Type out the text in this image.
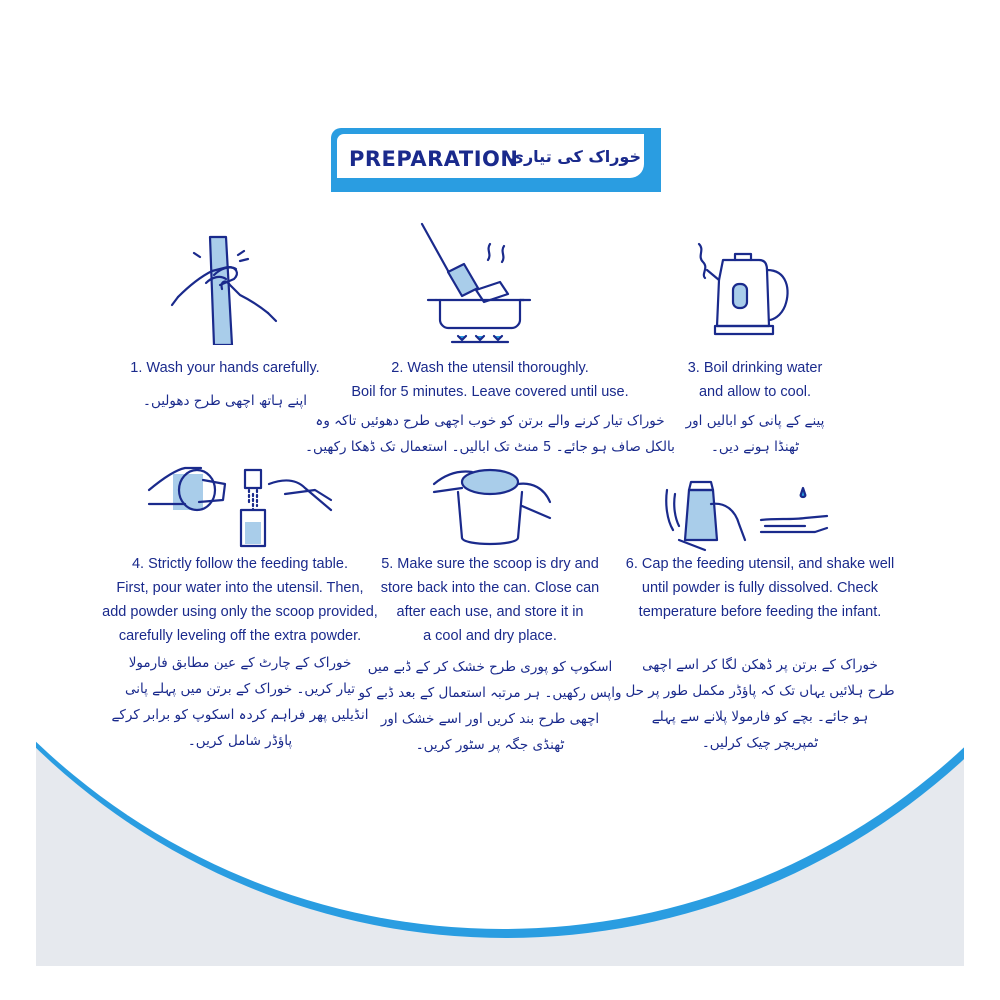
PREPARATION
خوراک کی تیاری
1. Wash your hands carefully.
اپنے ہاتھ اچھی طرح دھولیں۔
2. Wash the utensil thoroughly.
Boil for 5 minutes. Leave covered until use.
خوراک تیار کرنے والے برتن کو خوب اچھی طرح دھوئیں تاکہ وہ
بالکل صاف ہو جائے۔ 5 منٹ تک ابالیں۔ استعمال تک ڈھکا رکھیں۔
3. Boil drinking water
and allow to cool.
پینے کے پانی کو ابالیں اور
ٹھنڈا ہونے دیں۔
4. Strictly follow the feeding table.
First, pour water into the utensil. Then,
add powder using only the scoop provided,
carefully leveling off the extra powder.
خوراک کے چارٹ کے عین مطابق فارمولا
تیار کریں۔ خوراک کے برتن میں پہلے پانی
انڈیلیں پھر فراہم کردہ اسکوپ کو برابر کرکے
پاؤڈر شامل کریں۔
5. Make sure the scoop is dry and
store back into the can. Close can
after each use, and store it in
a cool and dry place.
اسکوپ کو پوری طرح خشک کر کے ڈبے میں
واپس رکھیں۔ ہر مرتبہ استعمال کے بعد ڈبے کو
اچھی طرح بند کریں اور اسے خشک اور
ٹھنڈی جگہ پر سٹور کریں۔
6. Cap the feeding utensil, and shake well
until powder is fully dissolved. Check
temperature before feeding the infant.
خوراک کے برتن پر ڈھکن لگا کر اسے اچھی
طرح ہلائیں یہاں تک کہ پاؤڈر مکمل طور پر حل
ہو جائے۔ بچے کو فارمولا پلانے سے پہلے
ٹمپریچر چیک کرلیں۔
